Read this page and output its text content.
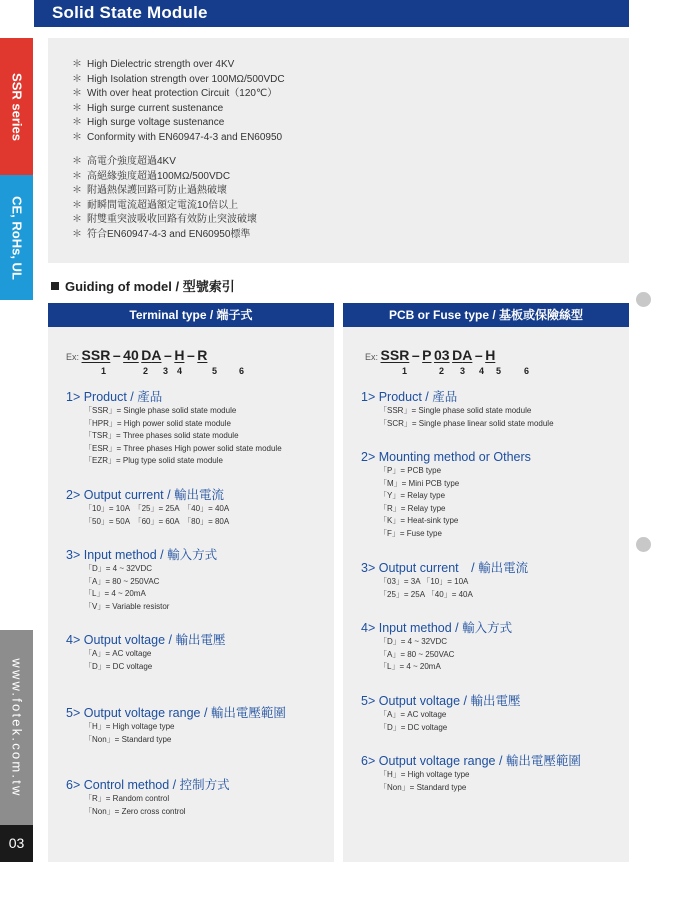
Solid State Module
SSR series
CE, RoHs, UL
www.fotek.com.tw
03
＊ High Dielectric strength over 4KV
＊ High Isolation strength over 100MΩ/500VDC
＊ With over heat protection Circuit（120℃）
＊ High surge current sustenance
＊ High surge voltage sustenance
＊ Conformity with EN60947-4-3 and EN60950
＊ 高電介強度超過4KV
＊ 高絕緣強度超過100MΩ/500VDC
＊ 附過熱保護回路可防止過熱破壞
＊ 耐瞬間電流超過額定電流10倍以上
＊ 附雙重突波吸收回路有效防止突波破壞
＊ 符合EN60947-4-3 and EN60950標準
Guiding of model / 型號索引
Terminal type / 端子式
Ex: SSR – 40 DA – H – R
1	2 3 4	5 6
1> Product / 產品
「SSR」= Single phase solid state module
「HPR」= High power solid state module
「TSR」= Three phases solid state module
「ESR」= Three phases High power solid state module
「EZR」= Plug type solid state module
2> Output current / 輸出電流
「10」= 10A　「25」= 25A　「40」= 40A
「50」= 50A　「60」= 60A　「80」= 80A
3> Input method / 輸入方式
「D」= 4 ~ 32VDC
「A」= 80 ~ 250VAC
「L」= 4 ~ 20mA
「V」= Variable resistor
4> Output voltage / 輸出電壓
「A」= AC voltage
「D」= DC voltage
5> Output voltage range / 輸出電壓範圍
「H」= High voltage type
「Non」= Standard type
6> Control method / 控制方式
「R」= Random control
「Non」= Zero cross control
PCB or Fuse type / 基板或保險絲型
Ex: SSR – P 03 DA – H
1	2 3 4 5	6
1> Product / 產品
「SSR」= Single phase solid state module
「SCR」= Single phase linear solid state module
2> Mounting method or Others
「P」= PCB type
「M」= Mini PCB type
「Y」= Relay type
「R」= Relay type
「K」= Heat-sink type
「F」= Fuse type
3> Output current　/ 輸出電流
「03」= 3A 「10」= 10A
「25」= 25A 「40」= 40A
4> Input method / 輸入方式
「D」= 4 ~ 32VDC
「A」= 80 ~ 250VAC
「L」= 4 ~ 20mA
5> Output voltage / 輸出電壓
「A」= AC voltage
「D」= DC voltage
6> Output voltage range / 輸出電壓範圍
「H」= High voltage type
「Non」= Standard type
